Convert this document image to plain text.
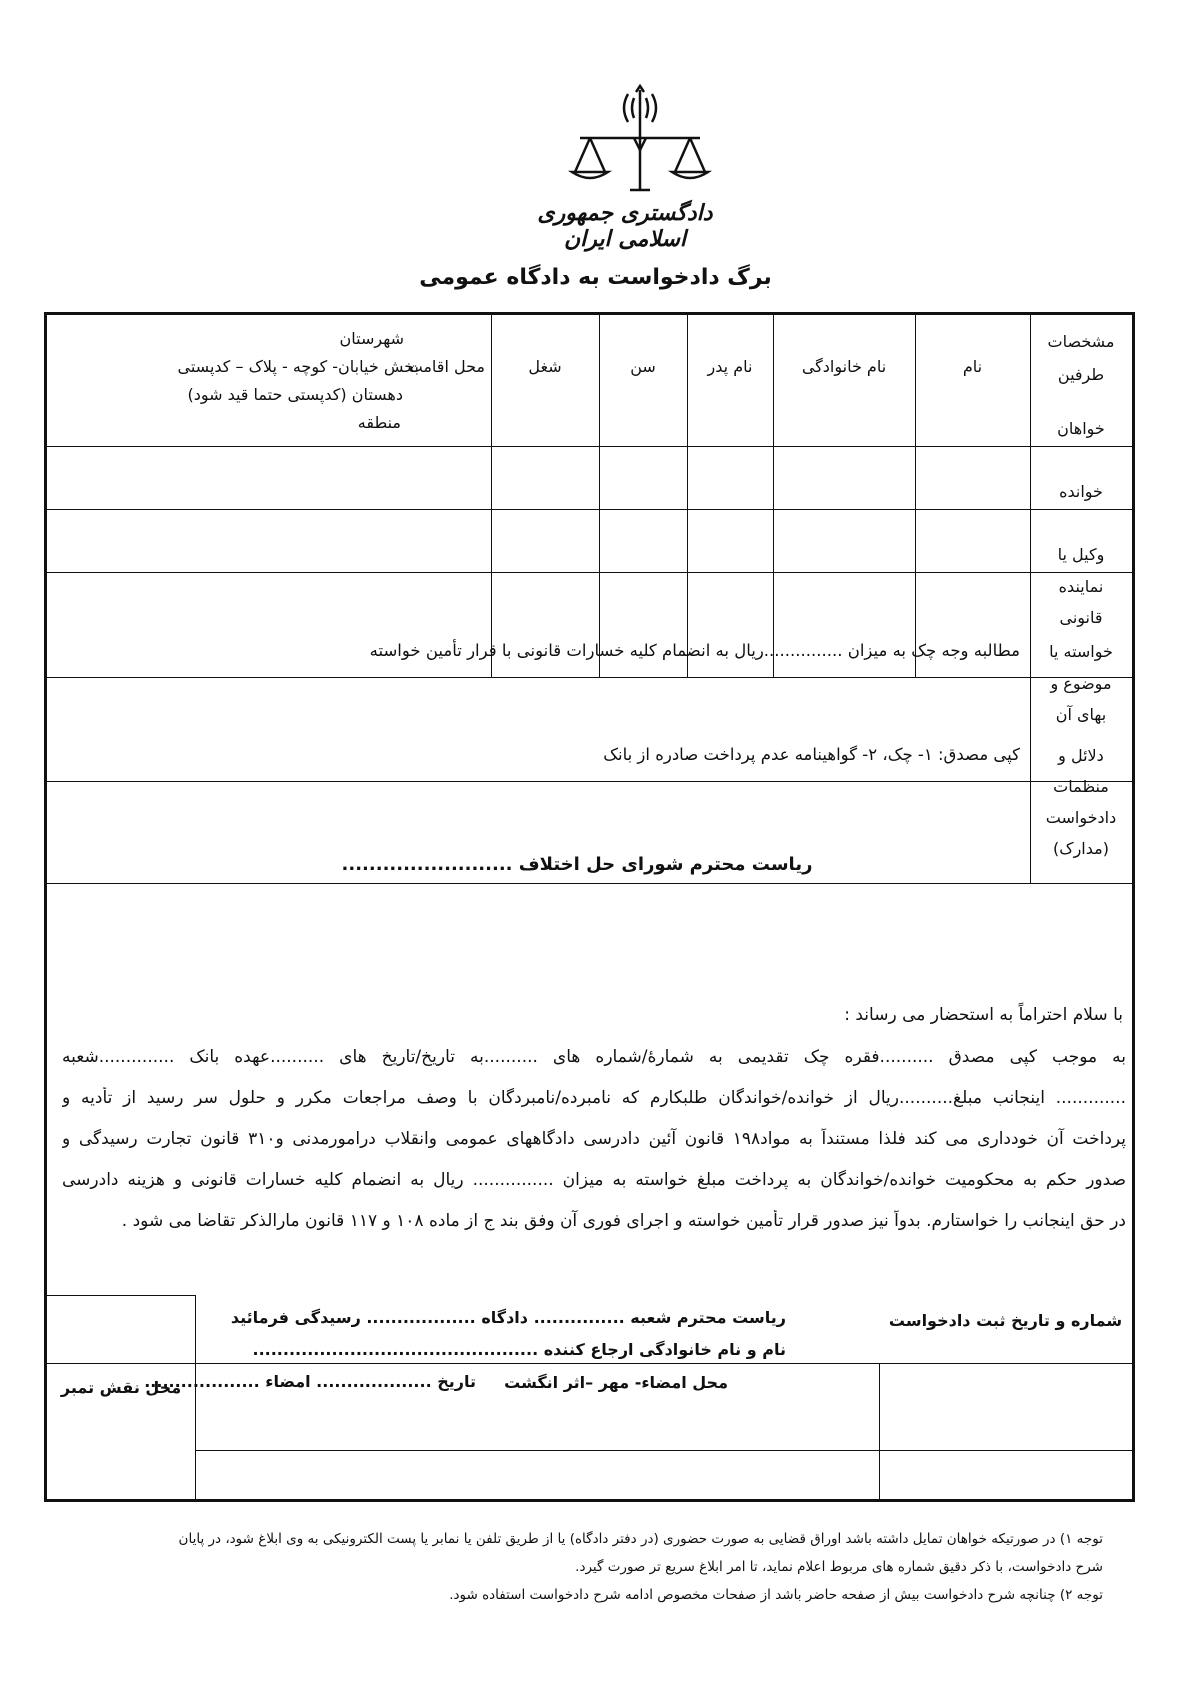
دادگستری جمهوری اسلامی ایران
برگ دادخواست به دادگاه عمومی
مشخصات طرفین
نام
نام خانوادگی
نام پدر
سن
شغل
محل اقامت
شهرستان
بخش خیابان- کوچه - پلاک – کدپستی
دهستان (کدپستی حتما قید شود)
منطقه	خواهان
خوانده
وکیل یا
نماینده
قانونی
خواسته یا
موضوع و
بهای آن
مطالبه وجه چک به میزان ...............ریال به انضمام کلیه خسارات قانونی با قرار تأمین خواسته
دلائل و
منظمات
دادخواست
(مدارک)
کپی مصدق: ۱- چک، ۲- گواهینامه عدم پرداخت صادره از بانک
ریاست محترم شورای حل اختلاف .........................
محل نقش تمبر	محل امضاء- مهر –اثر انگشت
شماره و تاریخ ثبت دادخواست
ریاست محترم شعبه ............... دادگاه .................. رسیدگی فرمائید
نام و نام خانوادگی ارجاع کننده ...............................................
تاریخ ................... امضاء ...................
با سلام احتراماً به استحضار می رساند :
به موجب کپی مصدق ..........فقره چک تقدیمی به شمارهٔ/شماره های ..........به تاریخ/تاریخ های ..........عهده بانک ..............شعبه
............. اینجانب مبلغ..........ریال از خوانده/خواندگان طلبکارم که نامبرده/نامبردگان با وصف مراجعات مکرر و حلول سر رسید از تأدیه و
پرداخت آن خودداری می کند فلذا مستنداً به مواد۱۹۸ قانون آئین دادرسی دادگاههای عمومی وانقلاب درامورمدنی و۳۱۰ قانون تجارت رسیدگی و
صدور حکم به محکومیت خوانده/خواندگان به پرداخت مبلغ خواسته به میزان ............... ریال به انضمام کلیه خسارات قانونی و هزینه دادرسی
در حق اینجانب را خواستارم. بدواً نیز صدور قرار تأمین خواسته و اجرای فوری آن وفق بند ج از ماده ۱۰۸ و ۱۱۷ قانون مارالذکر تقاضا می شود .
توجه ۱) در صورتیکه خواهان تمایل داشته باشد اوراق قضایی به صورت حضوری (در دفتر دادگاه) یا از طریق تلفن یا نمابر یا پست الکترونیکی به وی ابلاغ شود، در پایان
شرح دادخواست، با ذکر دقیق شماره های مربوط اعلام نماید، تا امر ابلاغ سریع تر صورت گیرد.
توجه ۲) چنانچه شرح دادخواست بیش از صفحه حاضر باشد از صفحات مخصوص ادامه شرح دادخواست استفاده شود.
